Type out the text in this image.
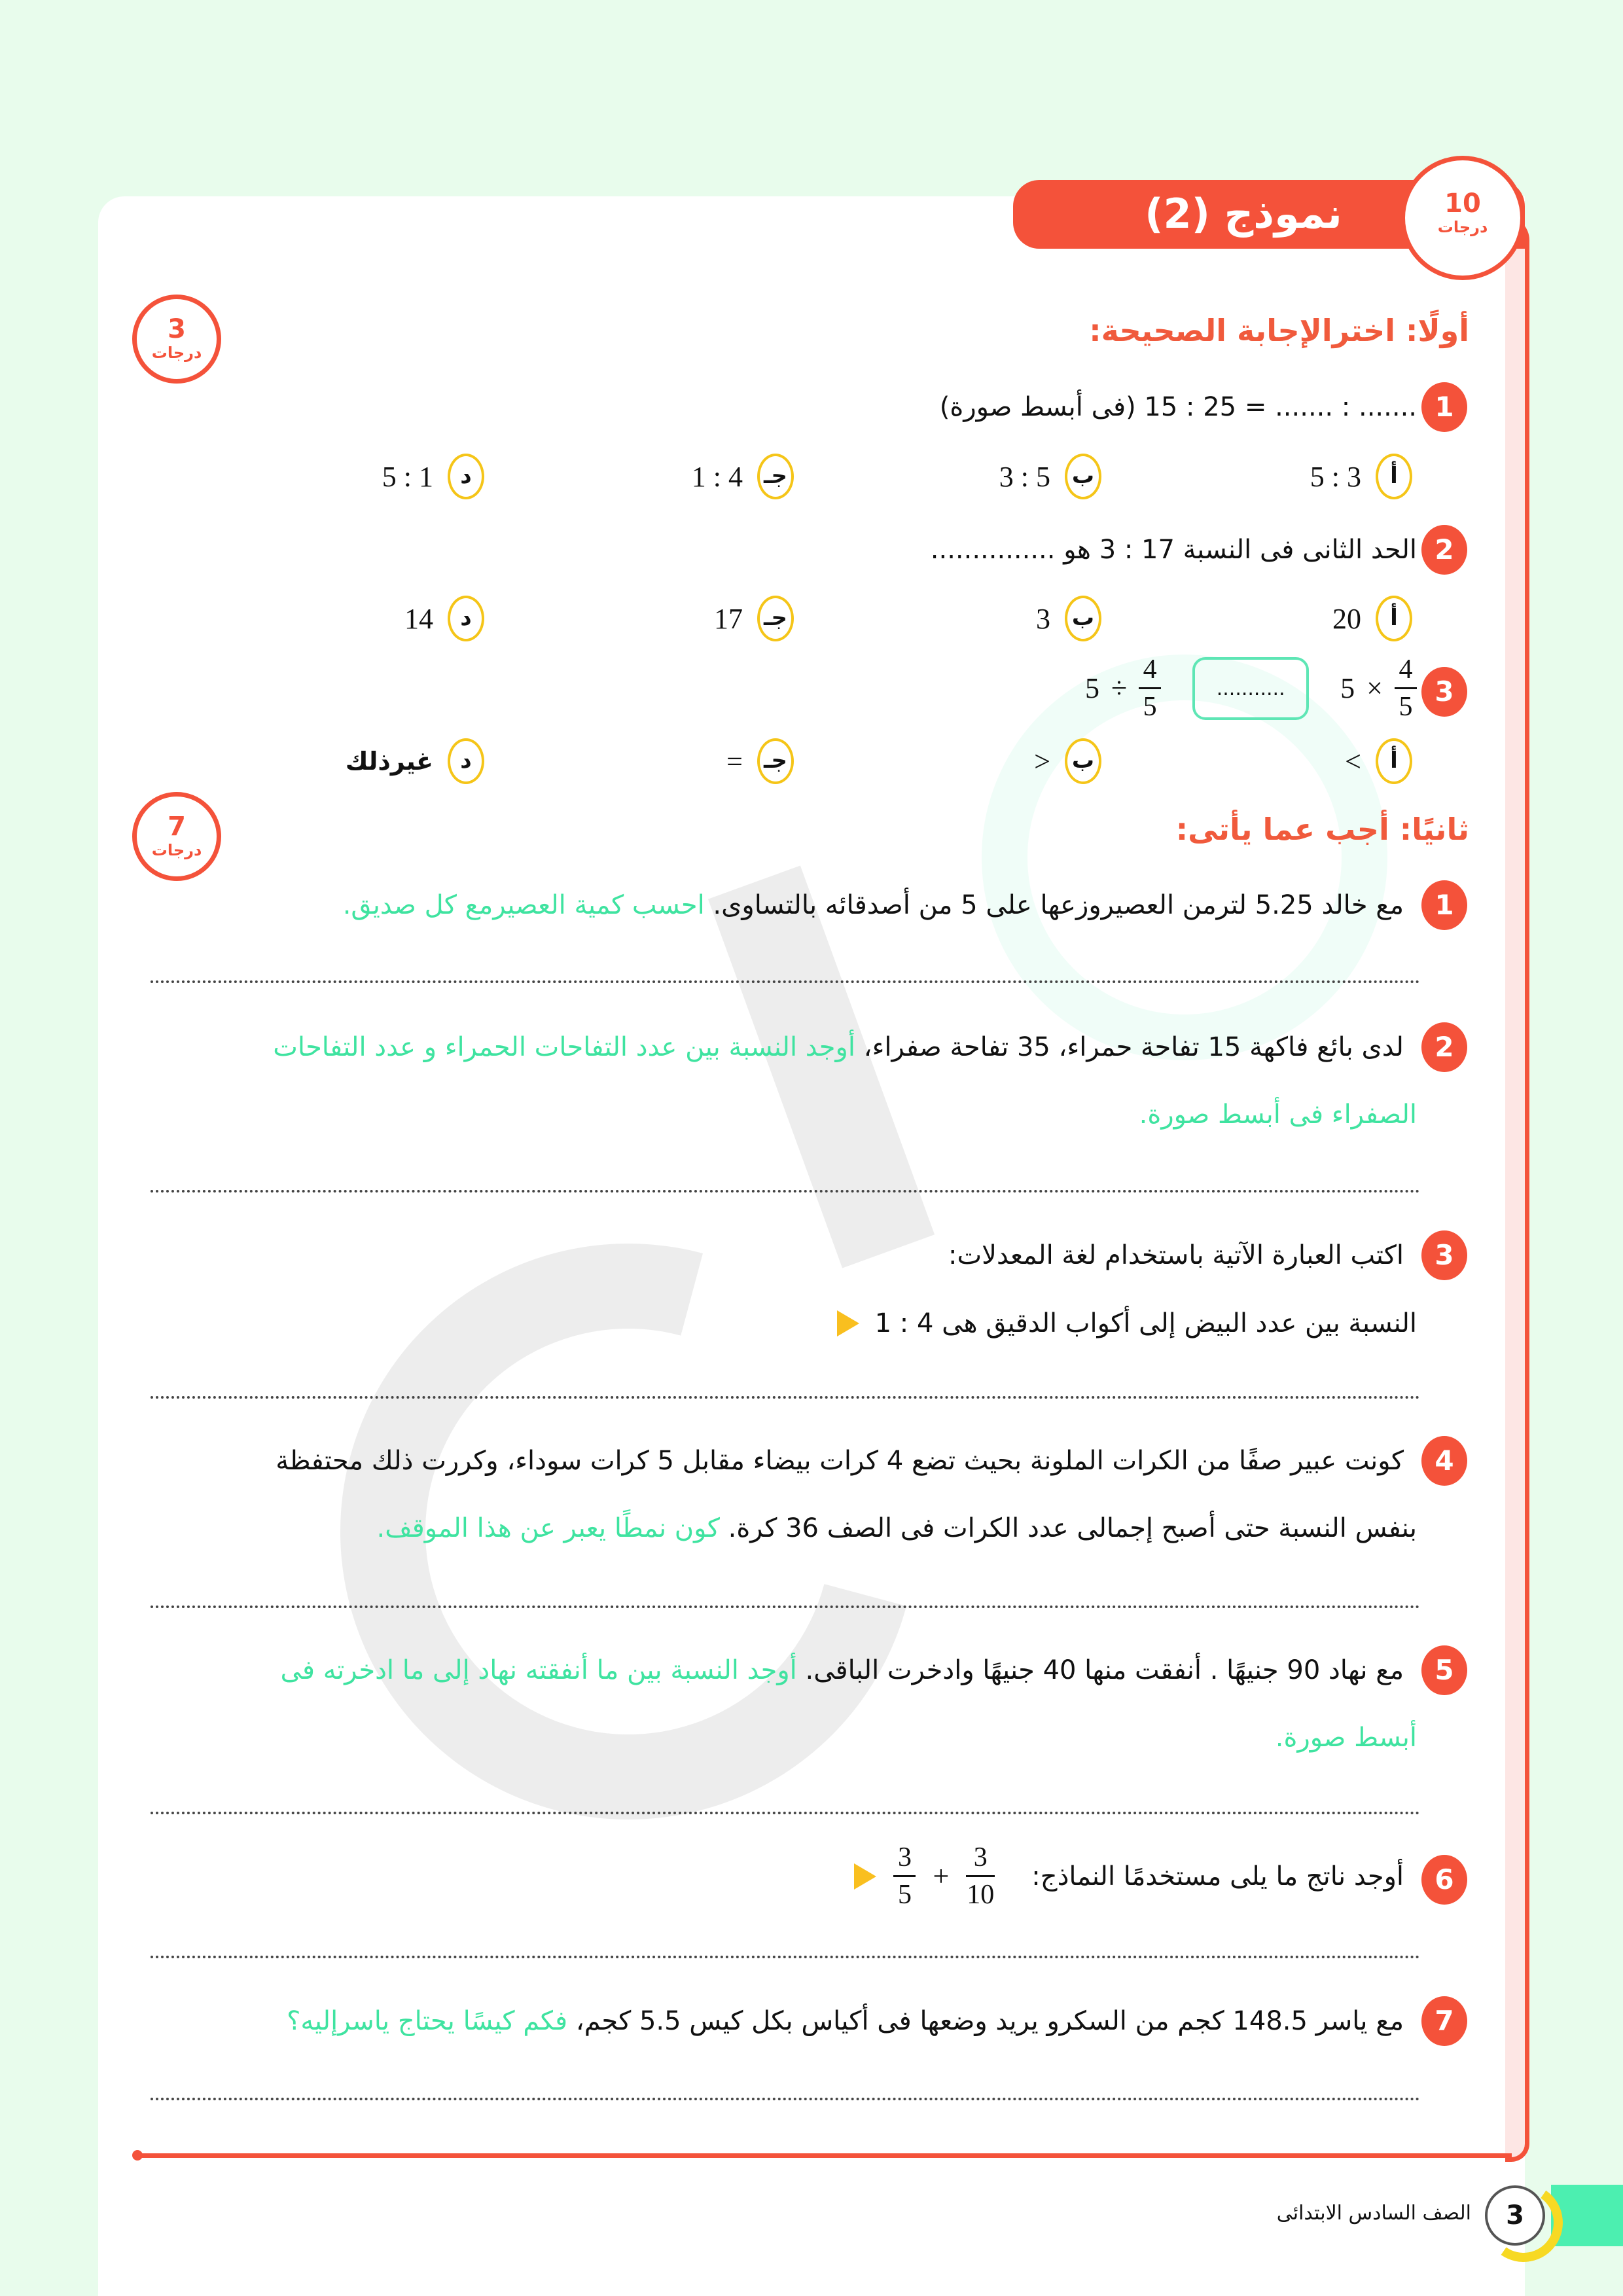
نموذج (2)	10
درجات
أولًا: اخترالإجابة الصحيحة:
3
درجات
1
....... : ....... = 25 : 15 (فى أبسط صورة)
5 : 3	أ
3 : 5 ب
1 : 4 جـ
5 : 1	د
2
الحد الثانى فى النسبة 17 : 3 هو ...............
20	أ
3 ب
17 جـ
14	د
3
$5 \div \frac{4}{5}$	...........	$5 \times \frac{4}{5}$
<	أ
> ب
= جـ
غيرذلك	د
ثانيًا: أجب عما يأتى:
7
درجات
1
مع خالد 5.25 لترمن العصيروزعها على 5 من أصدقائه بالتساوى. احسب كمية العصيرمع كل صديق.
2
لدى بائع فاكهة 15 تفاحة حمراء، 35 تفاحة صفراء، أوجد النسبة بين عدد التفاحات الحمراء و عدد التفاحات
الصفراء فى أبسط صورة.
3
اكتب العبارة الآتية باستخدام لغة المعدلات:
النسبة بين عدد البيض إلى أكواب الدقيق هى 4 : 1
4
كونت عبير صفًا من الكرات الملونة بحيث تضع 4 كرات بيضاء مقابل 5 كرات سوداء، وكررت ذلك محتفظة
بنفس النسبة حتى أصبح إجمالى عدد الكرات فى الصف 36 كرة. كون نمطًا يعبر عن هذا الموقف.
5
مع نهاد 90 جنيهًا . أنفقت منها 40 جنيهًا وادخرت الباقى. أوجد النسبة بين ما أنفقته نهاد إلى ما ادخرته فى
أبسط صورة.
6
$\frac{3}{5} + \frac{3}{10}$ أوجد ناتج ما يلى مستخدمًا النماذج:
7
مع ياسر 148.5 كجم من السكرو يريد وضعها فى أكياس بكل كيس 5.5 كجم، فكم كيسًا يحتاج ياسرإليه؟
3
الصف السادس الابتدائى
